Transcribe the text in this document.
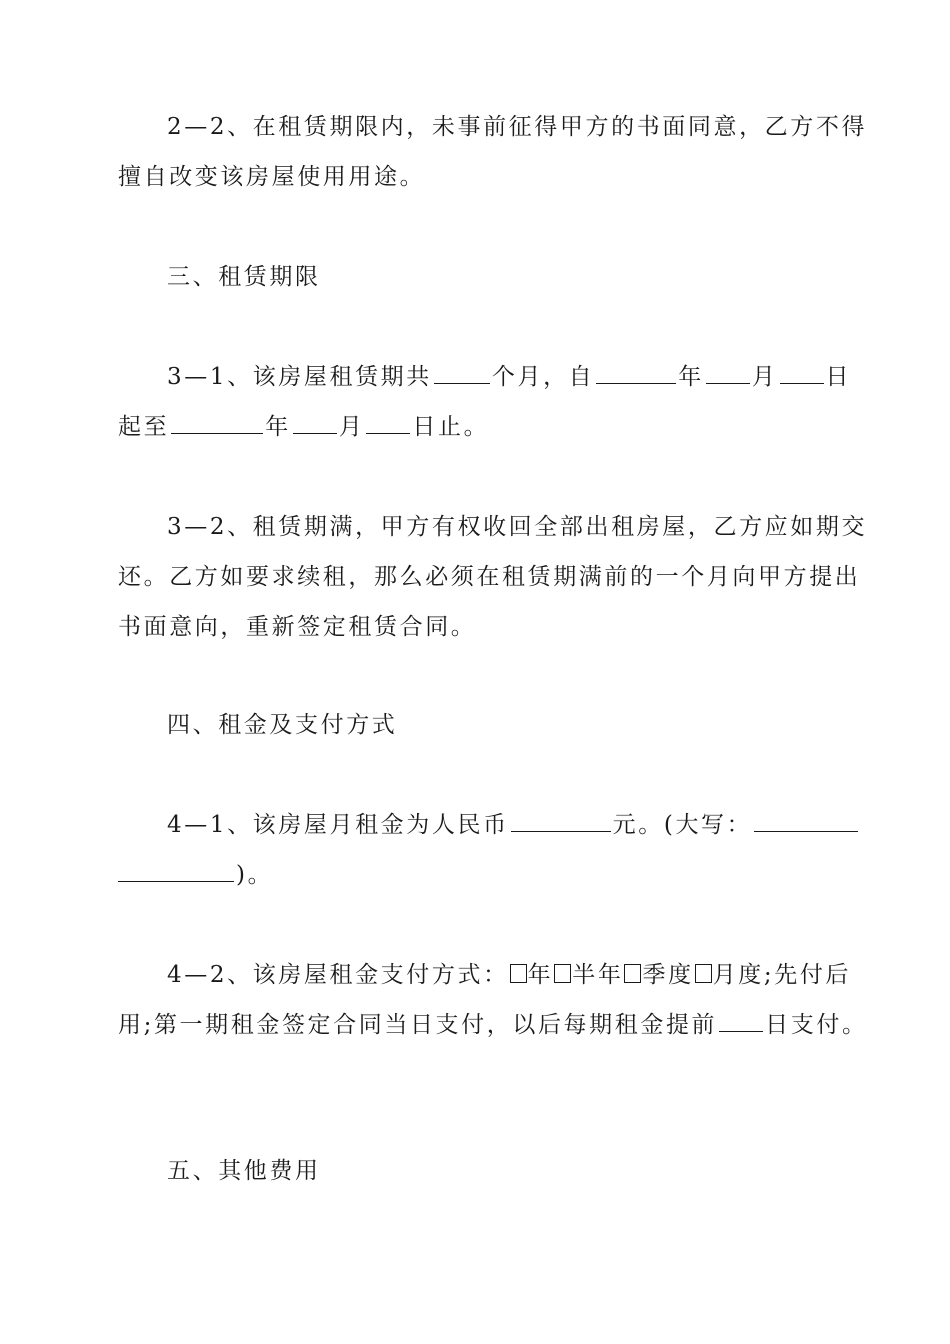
2—2、在租赁期限内，未事前征得甲方的书面同意，乙方不得
擅自改变该房屋使用用途。
三、租赁期限
3—1、该房屋租赁期共	个月，自	年 月 日
起至	年 月 日止。
3—2、租赁期满，甲方有权收回全部出租房屋，乙方应如期交
还。乙方如要求续租，那么必须在租赁期满前的一个月向甲方提出
书面意向，重新签定租赁合同。
四、租金及支付方式
4—1、该房屋月租金为人民币	元。(大写：
)。
4—2、该房屋租金支付方式： 年 半年 季度 月度;先付后
用;第一期租金签定合同当日支付，以后每期租金提前 日支付。
五、其他费用
